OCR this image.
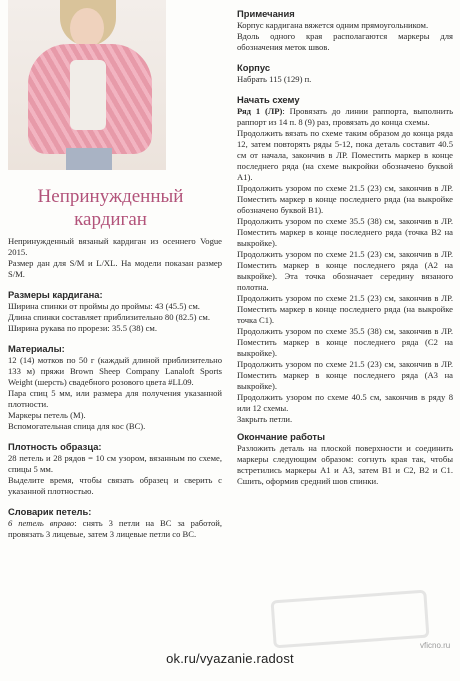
Непринужденный
кардиган

Непринужденный вязаный кардиган из осеннего Vogue 2015.

Размер дан для S/M и L/XL. На модели показан размер S/M.

Размеры кардигана:

Ширина спинки от проймы до проймы: 43 (45.5) см.

Длина спинки составляет приблизительно 80 (82.5) см.

Ширина рукава по прорези: 35.5 (38) см.

Материалы:

12 (14) мотков по 50 г (каждый длиной приблизительно 133 м) пряжи Brown Sheep Company Lanaloft Sports Weight (шерсть) свадебного розового цвета #LL09.

Пара спиц 5 мм, или размера для получения указанной плотности.

Маркеры петель (М).

Вспомогательная спица для кос (ВС).

Плотность образца:

28 петель и 28 рядов = 10 см узором, вязанным по схеме, спицы 5 мм.

Выделите время, чтобы связать образец и сверить с указанной плотностью.

Словарик петель:

6 петель вправо: снять 3 петли на ВС за работой, провязать 3 лицевые, затем 3 лицевые петли со ВС.

Примечания

Корпус кардигана вяжется одним прямоугольником.

Вдоль одного края располагаются маркеры для обозначения меток швов.

Корпус

Набрать 115 (129) п.

Начать схему

Ряд 1 (ЛР): Провязать до линии раппорта, выполнить раппорт из 14 п. 8 (9) раз, провязать до конца схемы.

Продолжить вязать по схеме таким образом до конца ряда 12, затем повторять ряды 5-12, пока деталь составит 40.5 см от начала, закончив в ЛР. Поместить маркер в конце последнего ряда (на схеме выкройки обозначено буквой А1).

Продолжить узором по схеме 21.5 (23) см, закончив в ЛР. Поместить маркер в конце последнего ряда (на выкройке обозначено буквой В1).

Продолжить узором по схеме 35.5 (38) см, закончив в ЛР. Поместить маркер в конце последнего ряда (точка В2 на выкройке).

Продолжить узором по схеме 21.5 (23) см, закончив в ЛР. Поместить маркер в конце последнего ряда (А2 на выкройке). Эта точка обозначает середину вязаного полотна.

Продолжить узором по схеме 21.5 (23) см, закончив в ЛР. Поместить маркер в конце последнего ряда (на выкройке точка С1).

Продолжить узором по схеме 35.5 (38) см, закончив в ЛР. Поместить маркер в конце последнего ряда (С2 на выкройке).

Продолжить узором по схеме 21.5 (23) см, закончив в ЛР. Поместить маркер в конце последнего ряда (А3 на выкройке).

Продолжить узором по схеме 40.5 см, закончив в ряду 8 или 12 схемы.

Закрыть петли.

Окончание работы

Разложить деталь на плоской поверхности и соединить маркеры следующим образом: согнуть края так, чтобы встретились маркеры А1 и А3, затем В1 и С2, В2 и С1. Сшить, оформив средний шов спинки.

vficno.ru
ok.ru/vyazanie.radost
